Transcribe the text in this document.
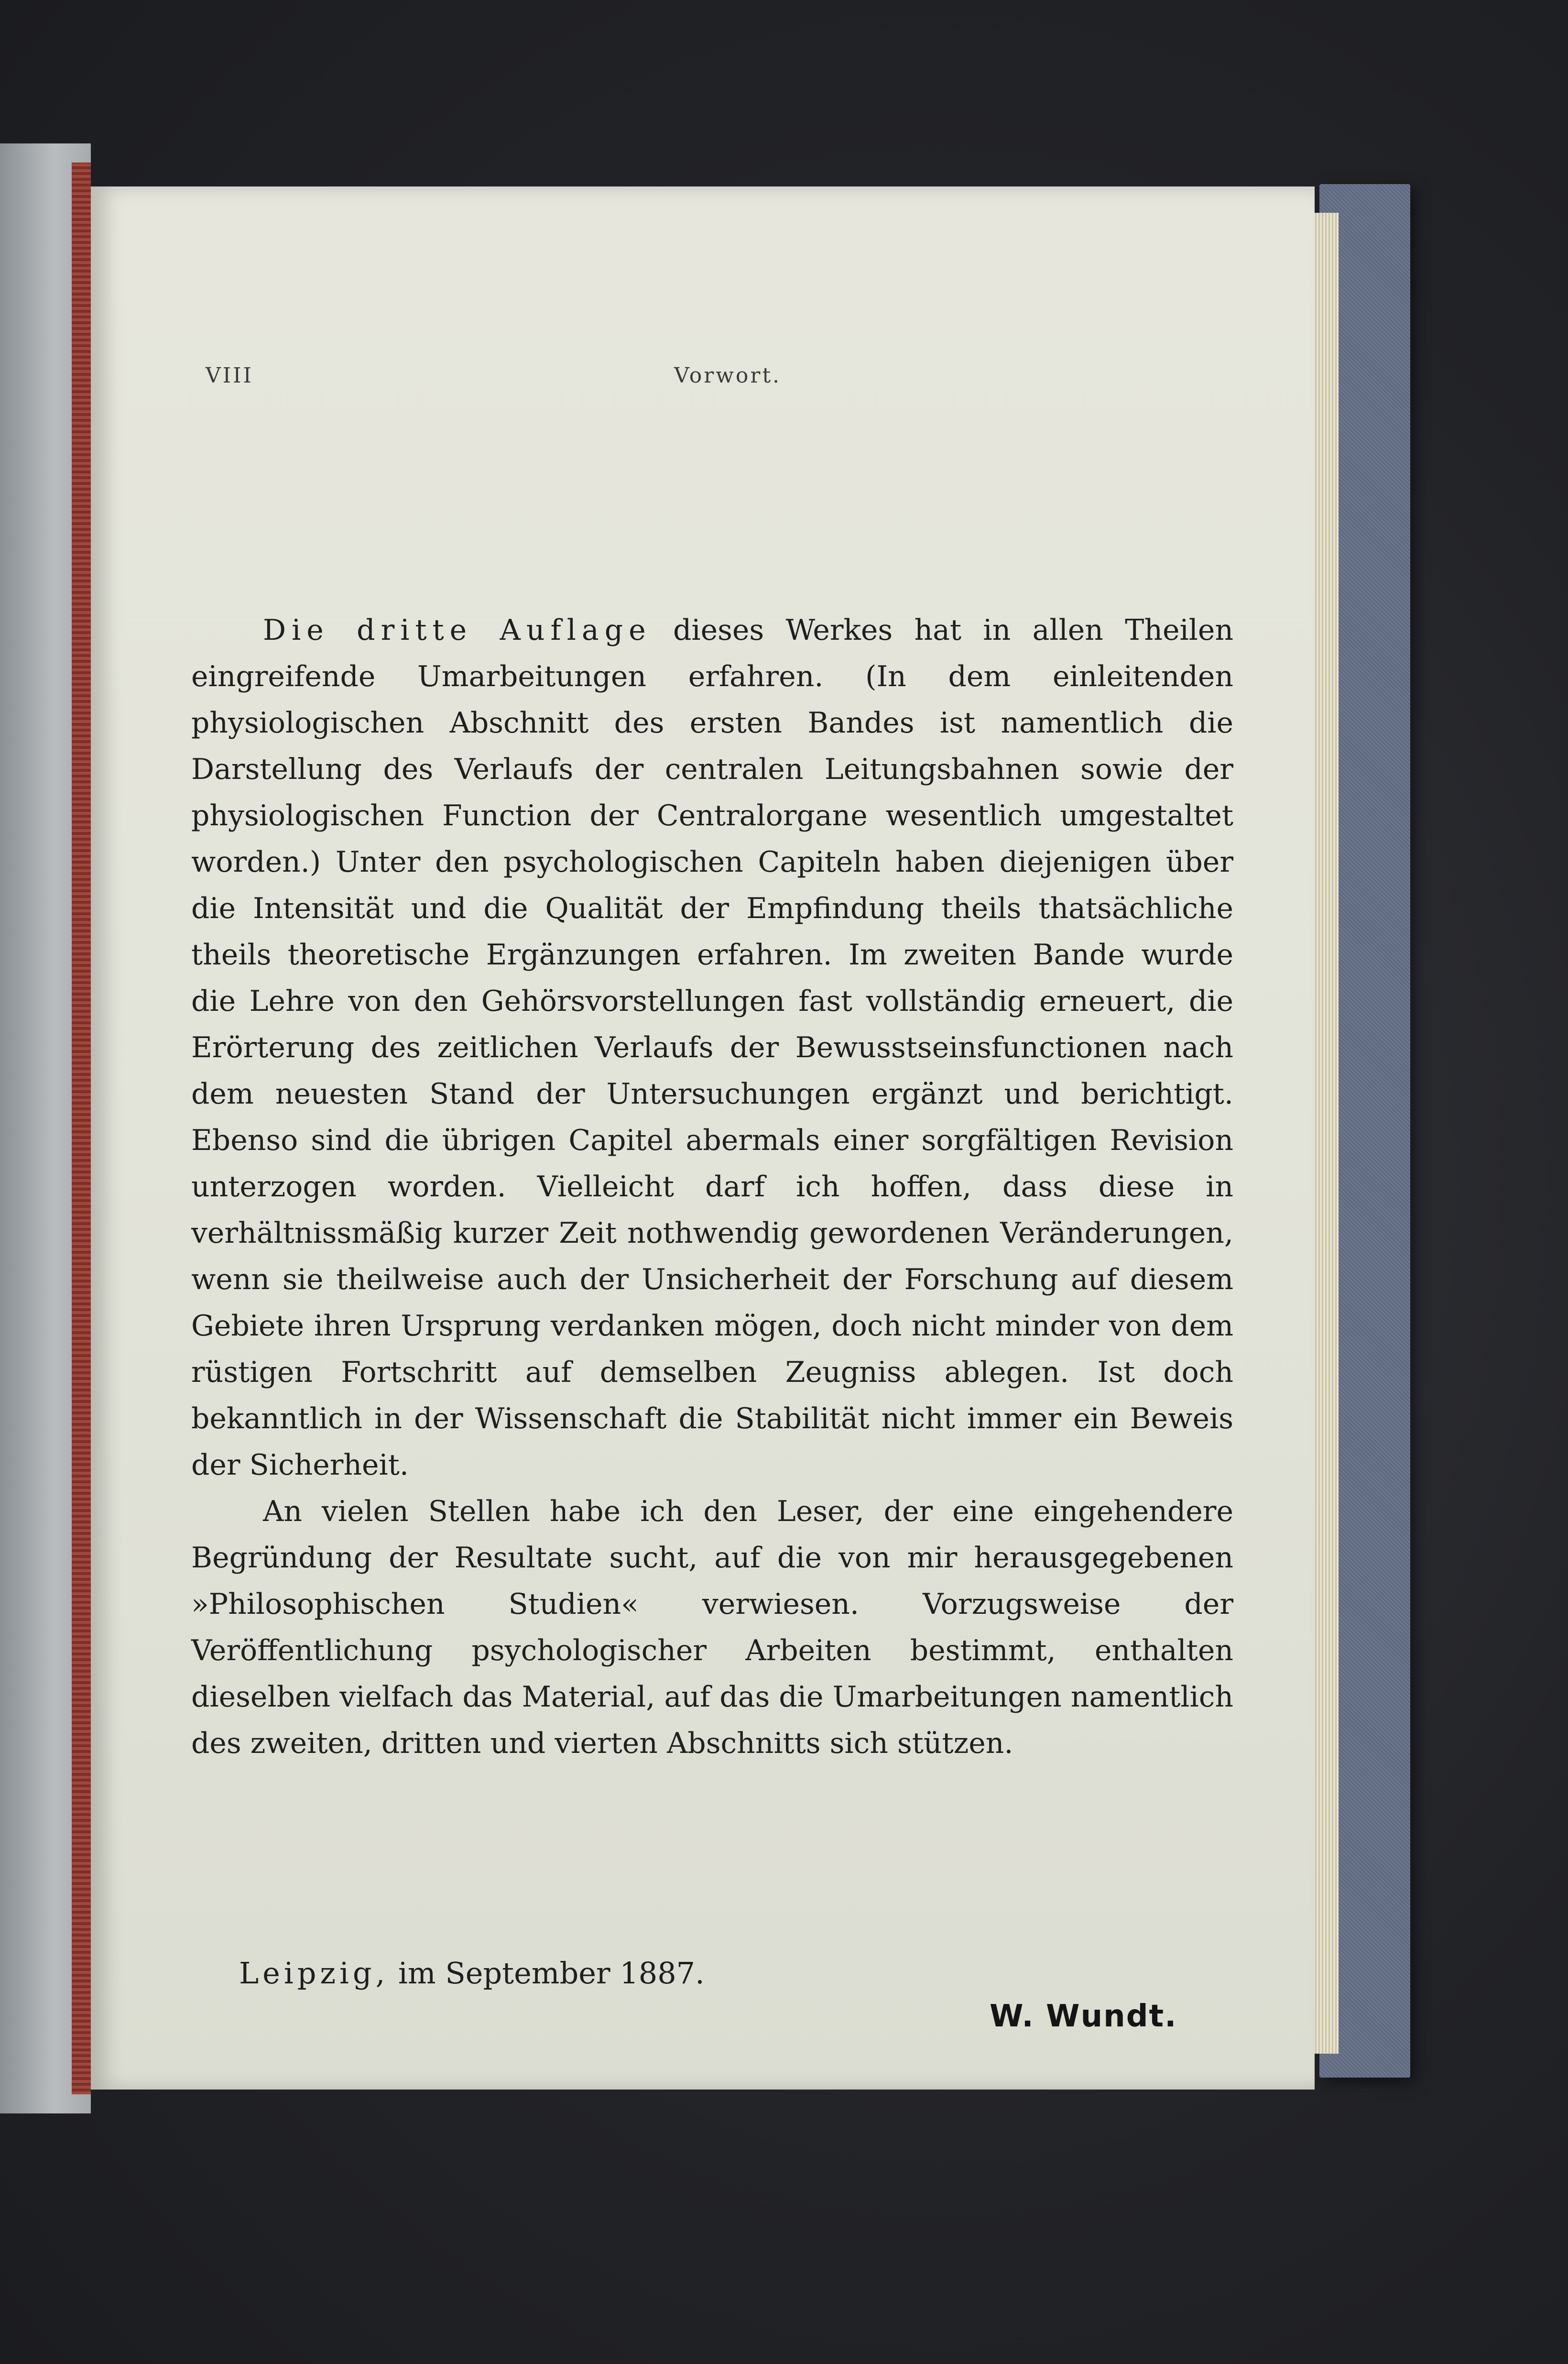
VIII	Vorwort.

Die dritte Auflage dieses Werkes hat in allen Theilen eingreifende Umarbeitungen erfahren. (In dem einleitenden physiologischen Abschnitt des ersten Bandes ist namentlich die Darstellung des Verlaufs der centralen Leitungsbahnen sowie der physiologischen Function der Centralorgane wesentlich umgestaltet worden.) Unter den psychologischen Capiteln haben diejenigen über die Intensität und die Qualität der Empfindung theils thatsächliche theils theoretische Ergänzungen erfahren. Im zweiten Bande wurde die Lehre von den Gehörsvorstellungen fast vollständig erneuert, die Erörterung des zeitlichen Verlaufs der Bewusstseinsfunctionen nach dem neuesten Stand der Untersuchungen ergänzt und berichtigt. Ebenso sind die übrigen Capitel abermals einer sorgfältigen Revision unterzogen worden. Vielleicht darf ich hoffen, dass diese in verhältnissmäßig kurzer Zeit nothwendig gewordenen Veränderungen, wenn sie theilweise auch der Unsicherheit der Forschung auf diesem Gebiete ihren Ursprung verdanken mögen, doch nicht minder von dem rüstigen Fortschritt auf demselben Zeugniss ablegen. Ist doch bekanntlich in der Wissenschaft die Stabilität nicht immer ein Beweis der Sicherheit.

An vielen Stellen habe ich den Leser, der eine eingehendere Begründung der Resultate sucht, auf die von mir herausgegebenen »Philosophischen Studien« verwiesen. Vorzugsweise der Veröffentlichung psychologischer Arbeiten bestimmt, enthalten dieselben vielfach das Material, auf das die Umarbeitungen namentlich des zweiten, dritten und vierten Abschnitts sich stützen.

Leipzig, im September 1887.
W. Wundt.
